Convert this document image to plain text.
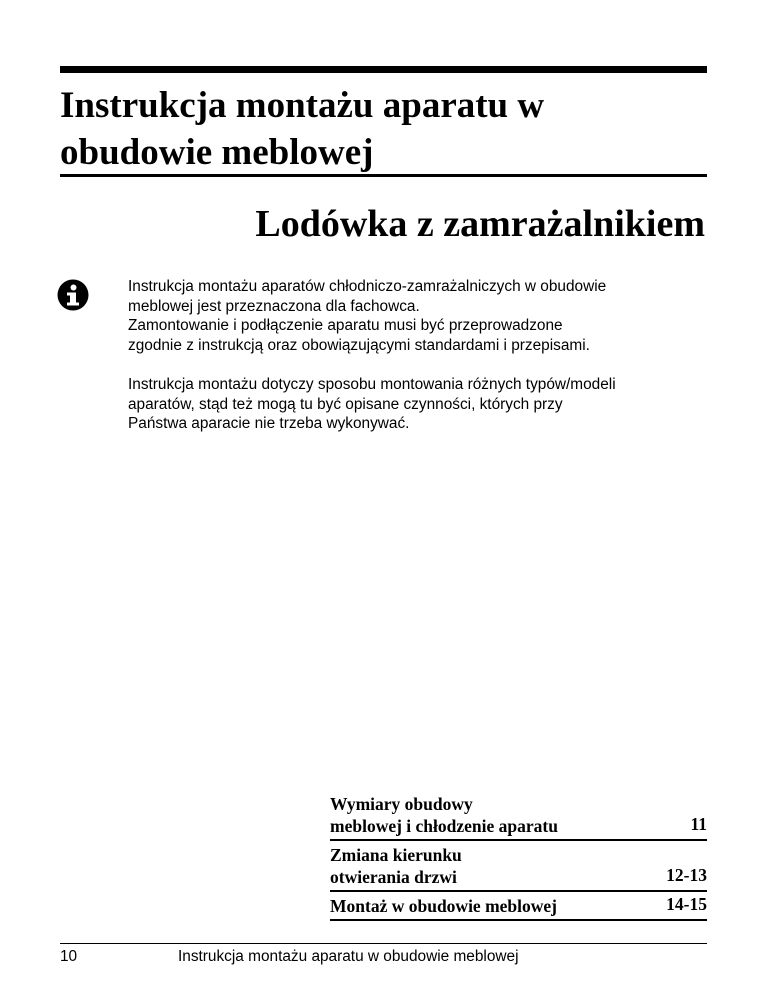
Instrukcja montażu aparatu w
obudowie meblowej
Lodówka z zamrażalnikiem

Instrukcja montażu aparatów chłodniczo-zamrażalniczych w obudowie
meblowej jest przeznaczona dla fachowca.
Zamontowanie i podłączenie aparatu musi być przeprowadzone
zgodnie z instrukcją oraz obowiązującymi standardami i przepisami.

Instrukcja montażu dotyczy sposobu montowania różnych typów/modeli
aparatów, stąd też mogą tu być opisane czynności, których przy
Państwa aparacie nie trzeba wykonywać.

Wymiary obudowy
meblowej i chłodzenie aparatu	11
Zmiana kierunku
otwierania drzwi	12-13
Montaż w obudowie meblowej	14-15
10	Instrukcja montażu aparatu w obudowie meblowej
